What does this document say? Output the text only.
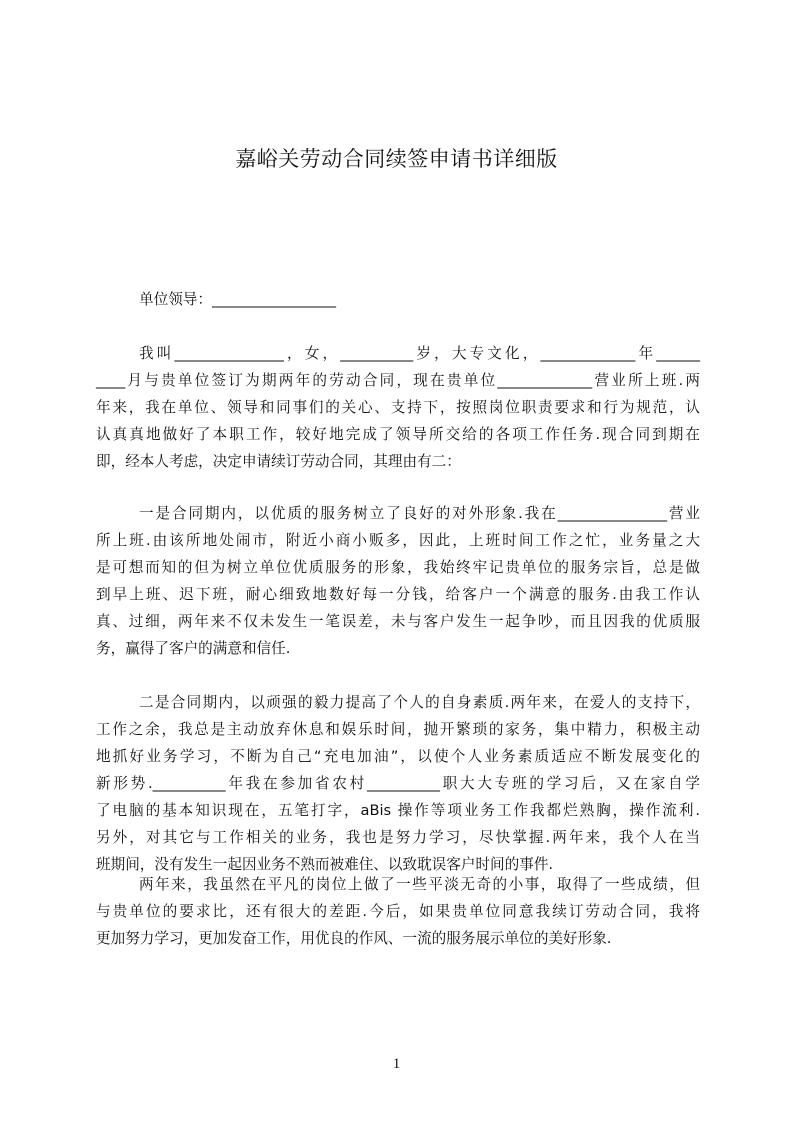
嘉峪关劳动合同续签申请书详细版
单位领导：_________________
我叫_______________，女，__________岁，大专文化，_____________年______
____月与贵单位签订为期两年的劳动合同，现在贵单位_____________营业所上班.两
年来，我在单位、领导和同事们的关心、支持下，按照岗位职责要求和行为规范，认
认真真地做好了本职工作，较好地完成了领导所交给的各项工作任务.现合同到期在
即，经本人考虑，决定申请续订劳动合同，其理由有二：
一是合同期内，以优质的服务树立了良好的对外形象.我在_______________营业
所上班.由该所地处闹市，附近小商小贩多，因此，上班时间工作之忙，业务量之大
是可想而知的但为树立单位优质服务的形象，我始终牢记贵单位的服务宗旨，总是做
到早上班、迟下班，耐心细致地数好每一分钱，给客户一个满意的服务.由我工作认
真、过细，两年来不仅未发生一笔误差，未与客户发生一起争吵，而且因我的优质服
务，赢得了客户的满意和信任.
二是合同期内，以顽强的毅力提高了个人的自身素质.两年来，在爱人的支持下，
工作之余，我总是主动放弃休息和娱乐时间，抛开繁琐的家务，集中精力，积极主动
地抓好业务学习，不断为自己“充电加油”，以使个人业务素质适应不断发展变化的
新形势.__________年我在参加省农村__________职大大专班的学习后，又在家自学
了电脑的基本知识现在，五笔打字，aBis 操作等项业务工作我都烂熟胸，操作流利.
另外，对其它与工作相关的业务，我也是努力学习，尽快掌握.两年来，我个人在当
班期间，没有发生一起因业务不熟而被难住、以致耽误客户时间的事件.
两年来，我虽然在平凡的岗位上做了一些平淡无奇的小事，取得了一些成绩，但
与贵单位的要求比，还有很大的差距.今后，如果贵单位同意我续订劳动合同，我将
更加努力学习，更加发奋工作，用优良的作风、一流的服务展示单位的美好形象.
1
